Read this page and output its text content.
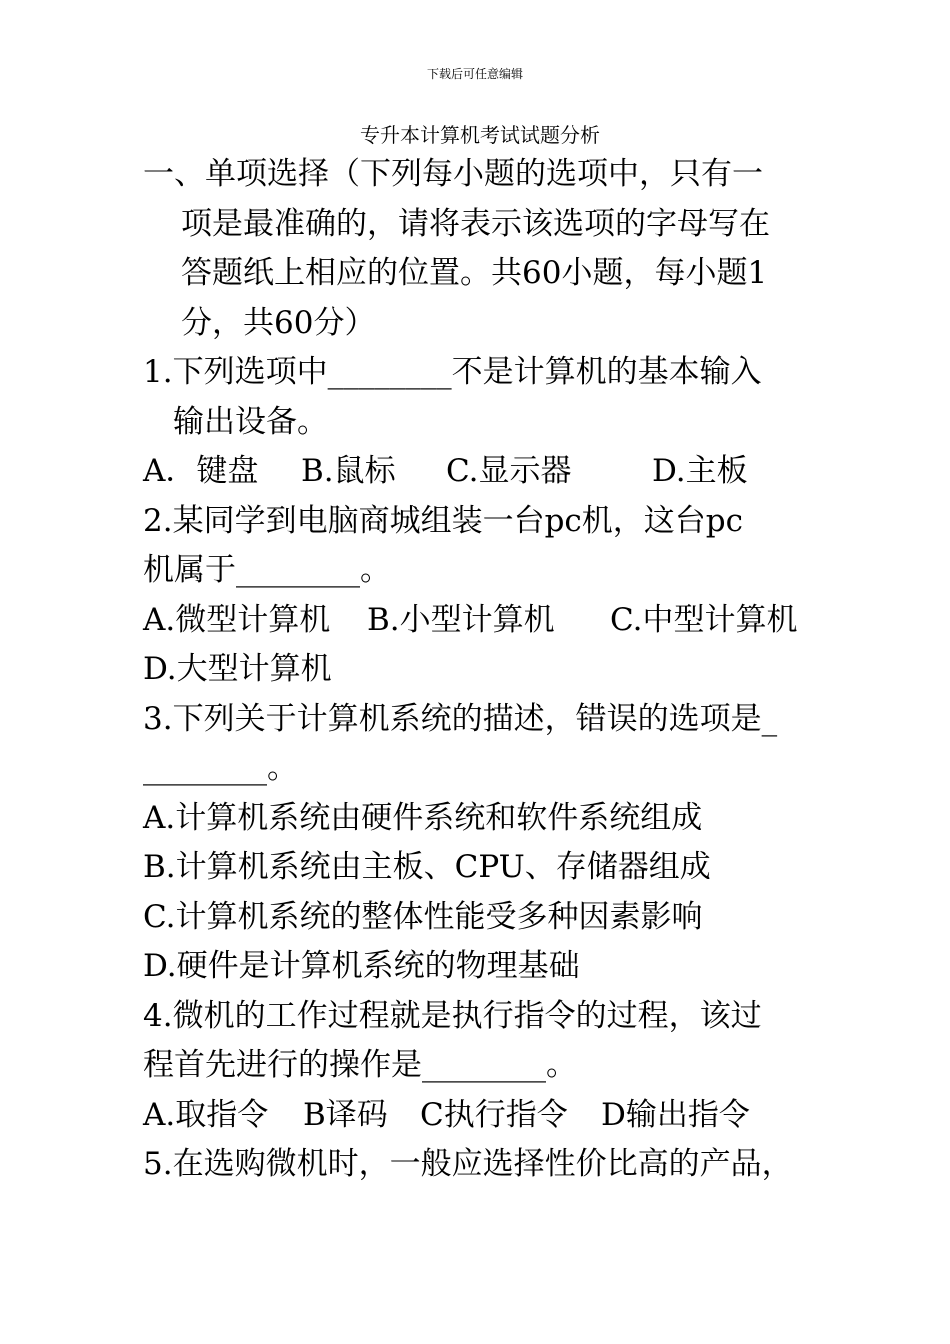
下载后可任意编辑
专升本计算机考试试题分析
一、单项选择（下列每小题的选项中，只有一
项是最准确的，请将表示该选项的字母写在
答题纸上相应的位置。共60小题，每小题1
分，共60分）
1.下列选项中________不是计算机的基本输入
输出设备。
A．键盘 B.鼠标 C.显示器	D.主板
2.某同学到电脑商城组装一台pc机，这台pc
机属于________。
A.微型计算机 B.小型计算机 C.中型计算机
D.大型计算机
3.下列关于计算机系统的描述，错误的选项是_
________。
A.计算机系统由硬件系统和软件系统组成
B.计算机系统由主板、CPU、存储器组成
C.计算机系统的整体性能受多种因素影响
D.硬件是计算机系统的物理基础
4.微机的工作过程就是执行指令的过程，该过
程首先进行的操作是________。
A.取指令 B译码 C执行指令 D输出指令
5.在选购微机时，一般应选择性价比高的产品，
